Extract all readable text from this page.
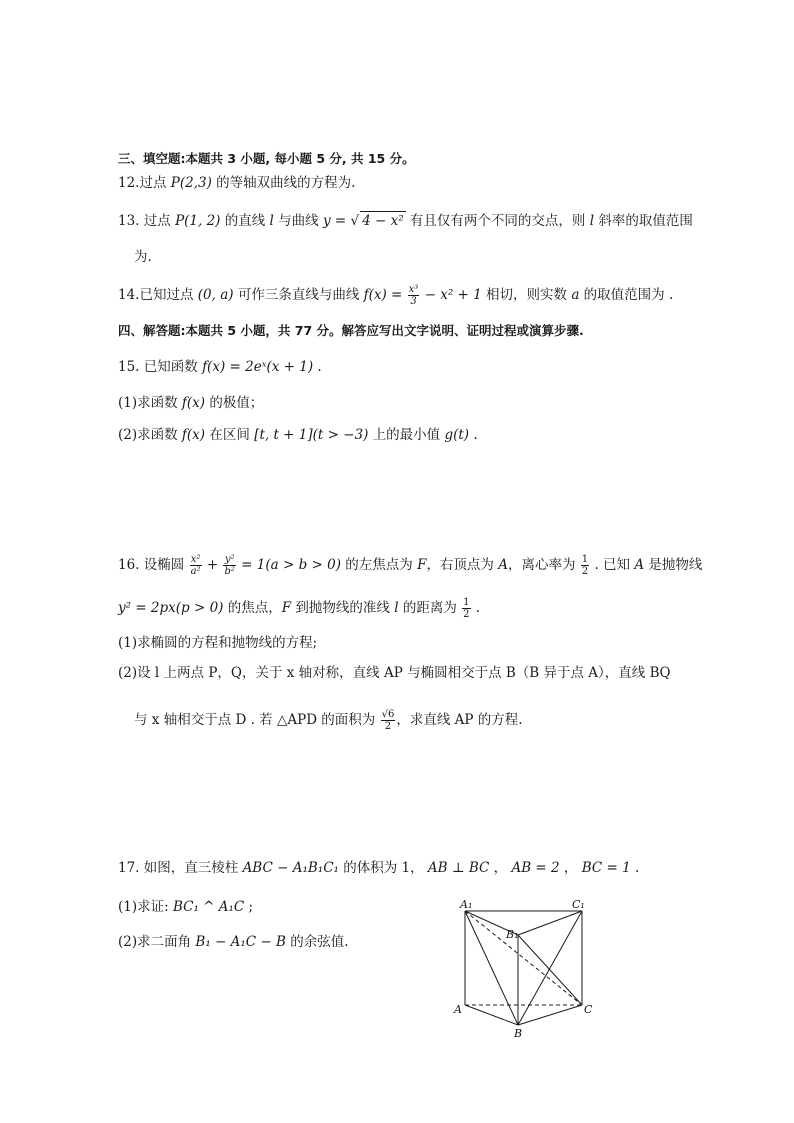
三、填空题:本题共 3 小题, 每小题 5 分, 共 15 分。
12.过点 P(2,3) 的等轴双曲线的方程为.
13. 过点 P(1, 2) 的直线 l 与曲线 y = √ 4 − x² 有且仅有两个不同的交点，则 l 斜率的取值范围
为.
14.已知过点 (0, a) 可作三条直线与曲线 $f(x) = \frac{\text{x³}}{3} - x^2 + 1$ 相切，则实数 a 的取值范围为 .
四、解答题:本题共 5 小题，共 77 分。解答应写出文字说明、证明过程或演算步骤.
15. 已知函数 f(x) = 2eˣ(x + 1) .
(1)求函数 f(x) 的极值；
(2)求函数 f(x) 在区间 [t, t + 1](t > −3) 上的最小值 g(t) .
16. 设椭圆 $\frac{\text{x²}}{\text{a²}} + \frac{\text{y²}}{\text{b²}} = 1(a > b > 0)$ 的左焦点为 F，右顶点为 A，离心率为 $\frac{1}{2}$ . 已知 A 是抛物线
y² = 2px(p > 0) 的焦点，F 到抛物线的准线 l 的距离为 $\frac{1}{2}$ .
(1)求椭圆的方程和抛物线的方程;
(2)设 l 上两点 P，Q，关于 x 轴对称，直线 AP 与椭圆相交于点 B（B 异于点 A），直线 BQ
与 x 轴相交于点 D . 若 △APD 的面积为 $\frac{√6}{2}$ ，求直线 AP 的方程.
17. 如图，直三棱柱 ABC − A₁B₁C₁ 的体积为 1， AB ⊥ BC ， AB = 2 ， BC = 1 .
(1)求证: BC₁ ^ A₁C ;
(2)求二面角 B₁ − A₁C − B 的余弦值.
A₁	C₁
B₁
A
B
C
